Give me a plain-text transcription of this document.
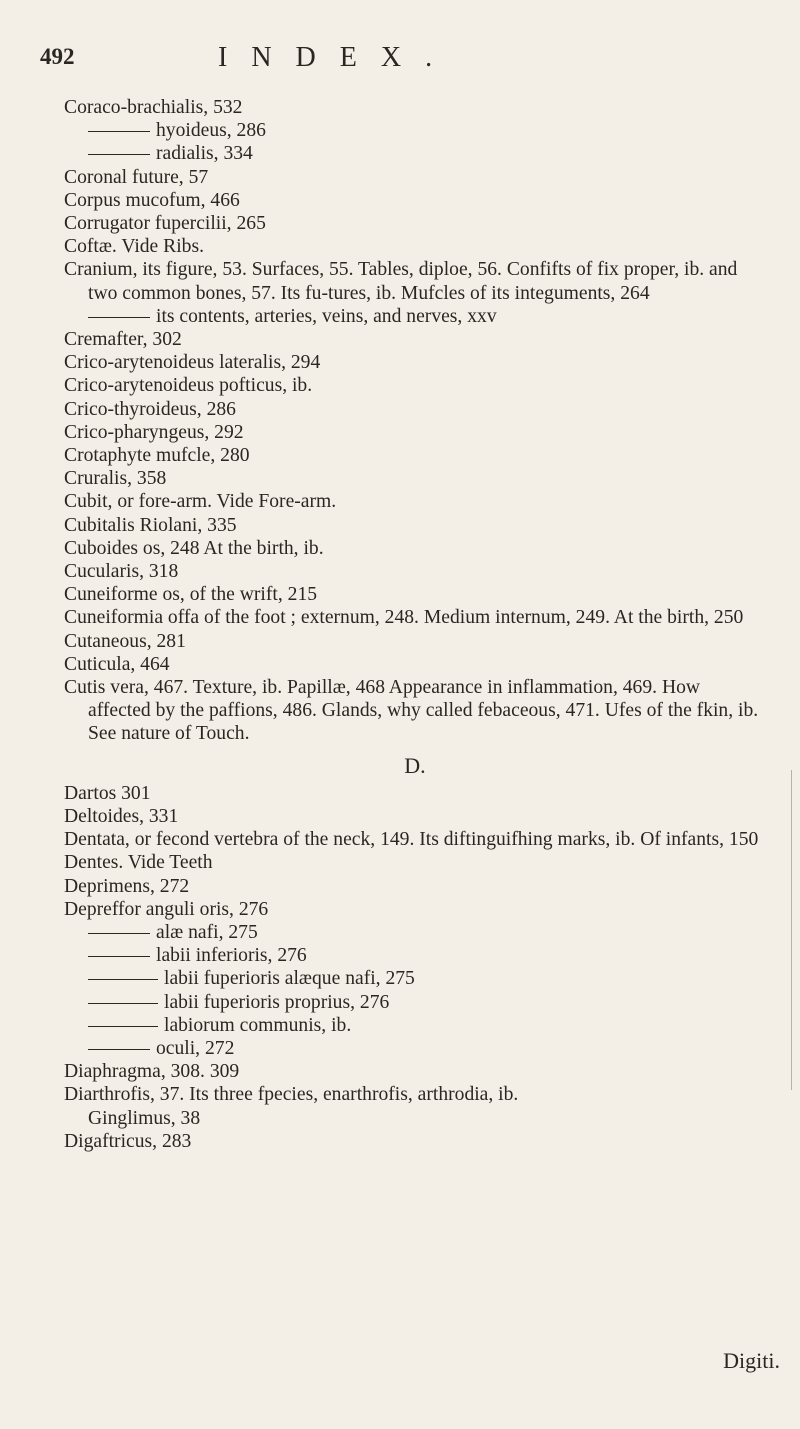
492	INDEX.
Coraco-brachialis, 532
hyoideus, 286
radialis, 334
Coronal future, 57
Corpus mucofum, 466
Corrugator fupercilii, 265
Coftæ. Vide Ribs.
Cranium, its figure, 53. Surfaces, 55. Tables, diploe, 56. Confifts of fix proper, ib. and two common bones, 57. Its fu-tures, ib. Mufcles of its integuments, 264
its contents, arteries, veins, and nerves, xxv
Cremafter, 302
Crico-arytenoideus lateralis, 294
Crico-arytenoideus pofticus, ib.
Crico-thyroideus, 286
Crico-pharyngeus, 292
Crotaphyte mufcle, 280
Cruralis, 358
Cubit, or fore-arm. Vide Fore-arm.
Cubitalis Riolani, 335
Cuboides os, 248 At the birth, ib.
Cucularis, 318
Cuneiforme os, of the wrift, 215
Cuneiformia offa of the foot ; externum, 248. Medium internum, 249. At the birth, 250
Cutaneous, 281
Cuticula, 464
Cutis vera, 467. Texture, ib. Papillæ, 468 Appearance in inflammation, 469. How affected by the paffions, 486. Glands, why called febaceous, 471. Ufes of the fkin, ib. See nature of Touch.
D.
Dartos 301
Deltoides, 331
Dentata, or fecond vertebra of the neck, 149. Its diftinguifhing marks, ib. Of infants, 150
Dentes. Vide Teeth
Deprimens, 272
Depreffor anguli oris, 276
alæ nafi, 275
labii inferioris, 276
labii fuperioris alæque nafi, 275
labii fuperioris proprius, 276
labiorum communis, ib.
oculi, 272
Diaphragma, 308. 309
Diarthrofis, 37. Its three fpecies, enarthrofis, arthrodia, ib.
Ginglimus, 38
Digaftricus, 283
Digiti.
